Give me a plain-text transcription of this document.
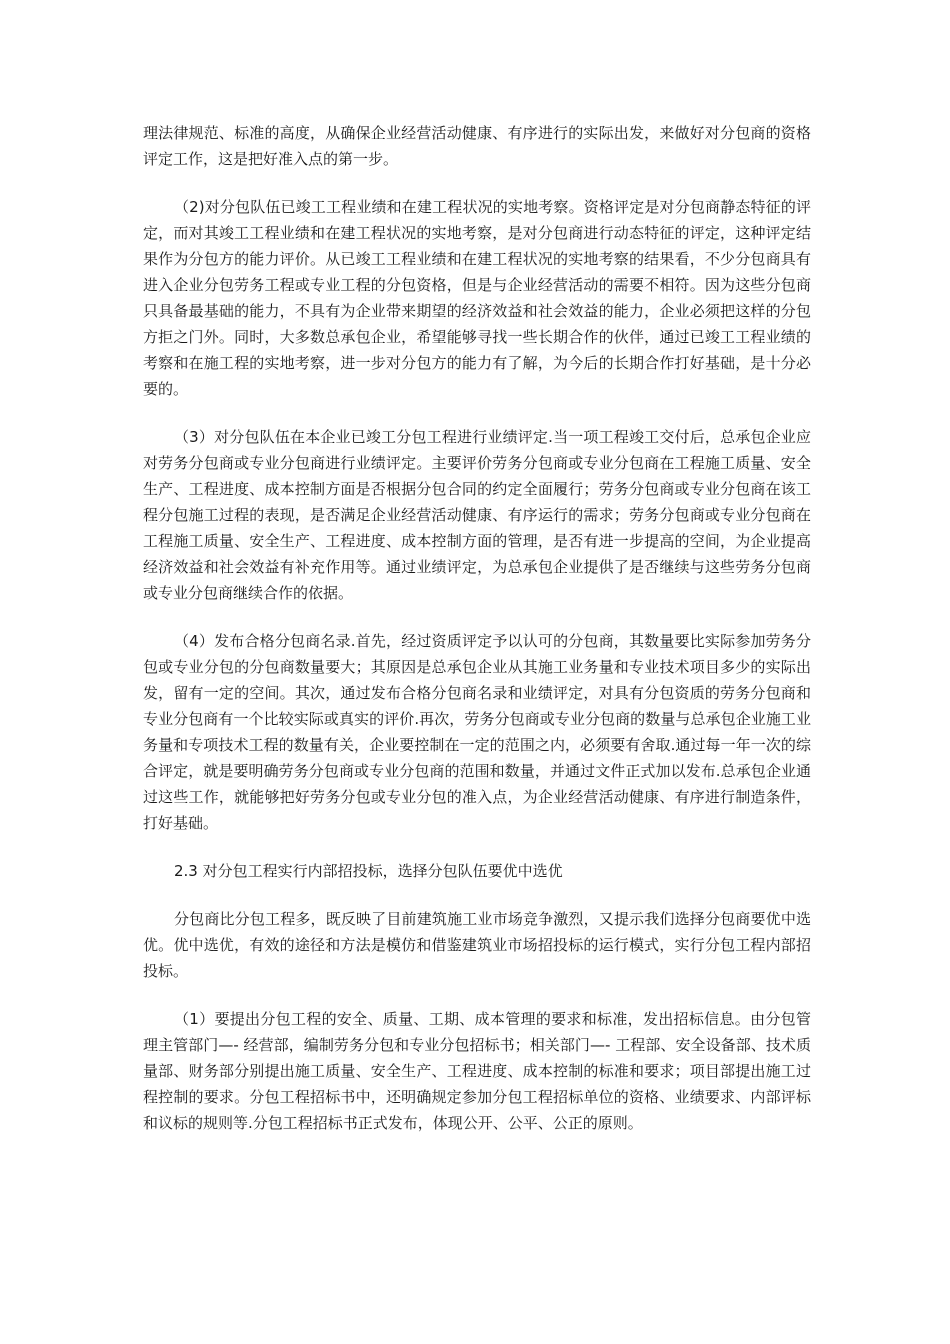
理法律规范、标准的高度，从确保企业经营活动健康、有序进行的实际出发，来做好对分包商的资格评定工作，这是把好准入点的第一步。

（2)对分包队伍已竣工工程业绩和在建工程状况的实地考察。资格评定是对分包商静态特征的评定，而对其竣工工程业绩和在建工程状况的实地考察，是对分包商进行动态特征的评定，这种评定结果作为分包方的能力评价。从已竣工工程业绩和在建工程状况的实地考察的结果看，不少分包商具有进入企业分包劳务工程或专业工程的分包资格，但是与企业经营活动的需要不相符。因为这些分包商只具备最基础的能力，不具有为企业带来期望的经济效益和社会效益的能力，企业必须把这样的分包方拒之门外。同时，大多数总承包企业，希望能够寻找一些长期合作的伙伴，通过已竣工工程业绩的考察和在施工程的实地考察，进一步对分包方的能力有了解，为今后的长期合作打好基础，是十分必要的。

（3）对分包队伍在本企业已竣工分包工程进行业绩评定.当一项工程竣工交付后，总承包企业应对劳务分包商或专业分包商进行业绩评定。主要评价劳务分包商或专业分包商在工程施工质量、安全生产、工程进度、成本控制方面是否根据分包合同的约定全面履行；劳务分包商或专业分包商在该工程分包施工过程的表现，是否满足企业经营活动健康、有序运行的需求；劳务分包商或专业分包商在工程施工质量、安全生产、工程进度、成本控制方面的管理，是否有进一步提高的空间，为企业提高经济效益和社会效益有补充作用等。通过业绩评定，为总承包企业提供了是否继续与这些劳务分包商或专业分包商继续合作的依据。

（4）发布合格分包商名录.首先，经过资质评定予以认可的分包商，其数量要比实际参加劳务分包或专业分包的分包商数量要大；其原因是总承包企业从其施工业务量和专业技术项目多少的实际出发，留有一定的空间。其次，通过发布合格分包商名录和业绩评定，对具有分包资质的劳务分包商和专业分包商有一个比较实际或真实的评价.再次，劳务分包商或专业分包商的数量与总承包企业施工业务量和专项技术工程的数量有关，企业要控制在一定的范围之内，必须要有舍取.通过每一年一次的综合评定，就是要明确劳务分包商或专业分包商的范围和数量，并通过文件正式加以发布.总承包企业通过这些工作，就能够把好劳务分包或专业分包的准入点，为企业经营活动健康、有序进行制造条件，打好基础。

2.3 对分包工程实行内部招投标，选择分包队伍要优中选优

分包商比分包工程多，既反映了目前建筑施工业市场竞争激烈，又提示我们选择分包商要优中选优。优中选优，有效的途径和方法是模仿和借鉴建筑业市场招投标的运行模式，实行分包工程内部招投标。

（1）要提出分包工程的安全、质量、工期、成本管理的要求和标准，发出招标信息。由分包管理主管部门—- 经营部，编制劳务分包和专业分包招标书；相关部门—- 工程部、安全设备部、技术质量部、财务部分别提出施工质量、安全生产、工程进度、成本控制的标准和要求；项目部提出施工过程控制的要求。分包工程招标书中，还明确规定参加分包工程招标单位的资格、业绩要求、内部评标和议标的规则等.分包工程招标书正式发布，体现公开、公平、公正的原则。
